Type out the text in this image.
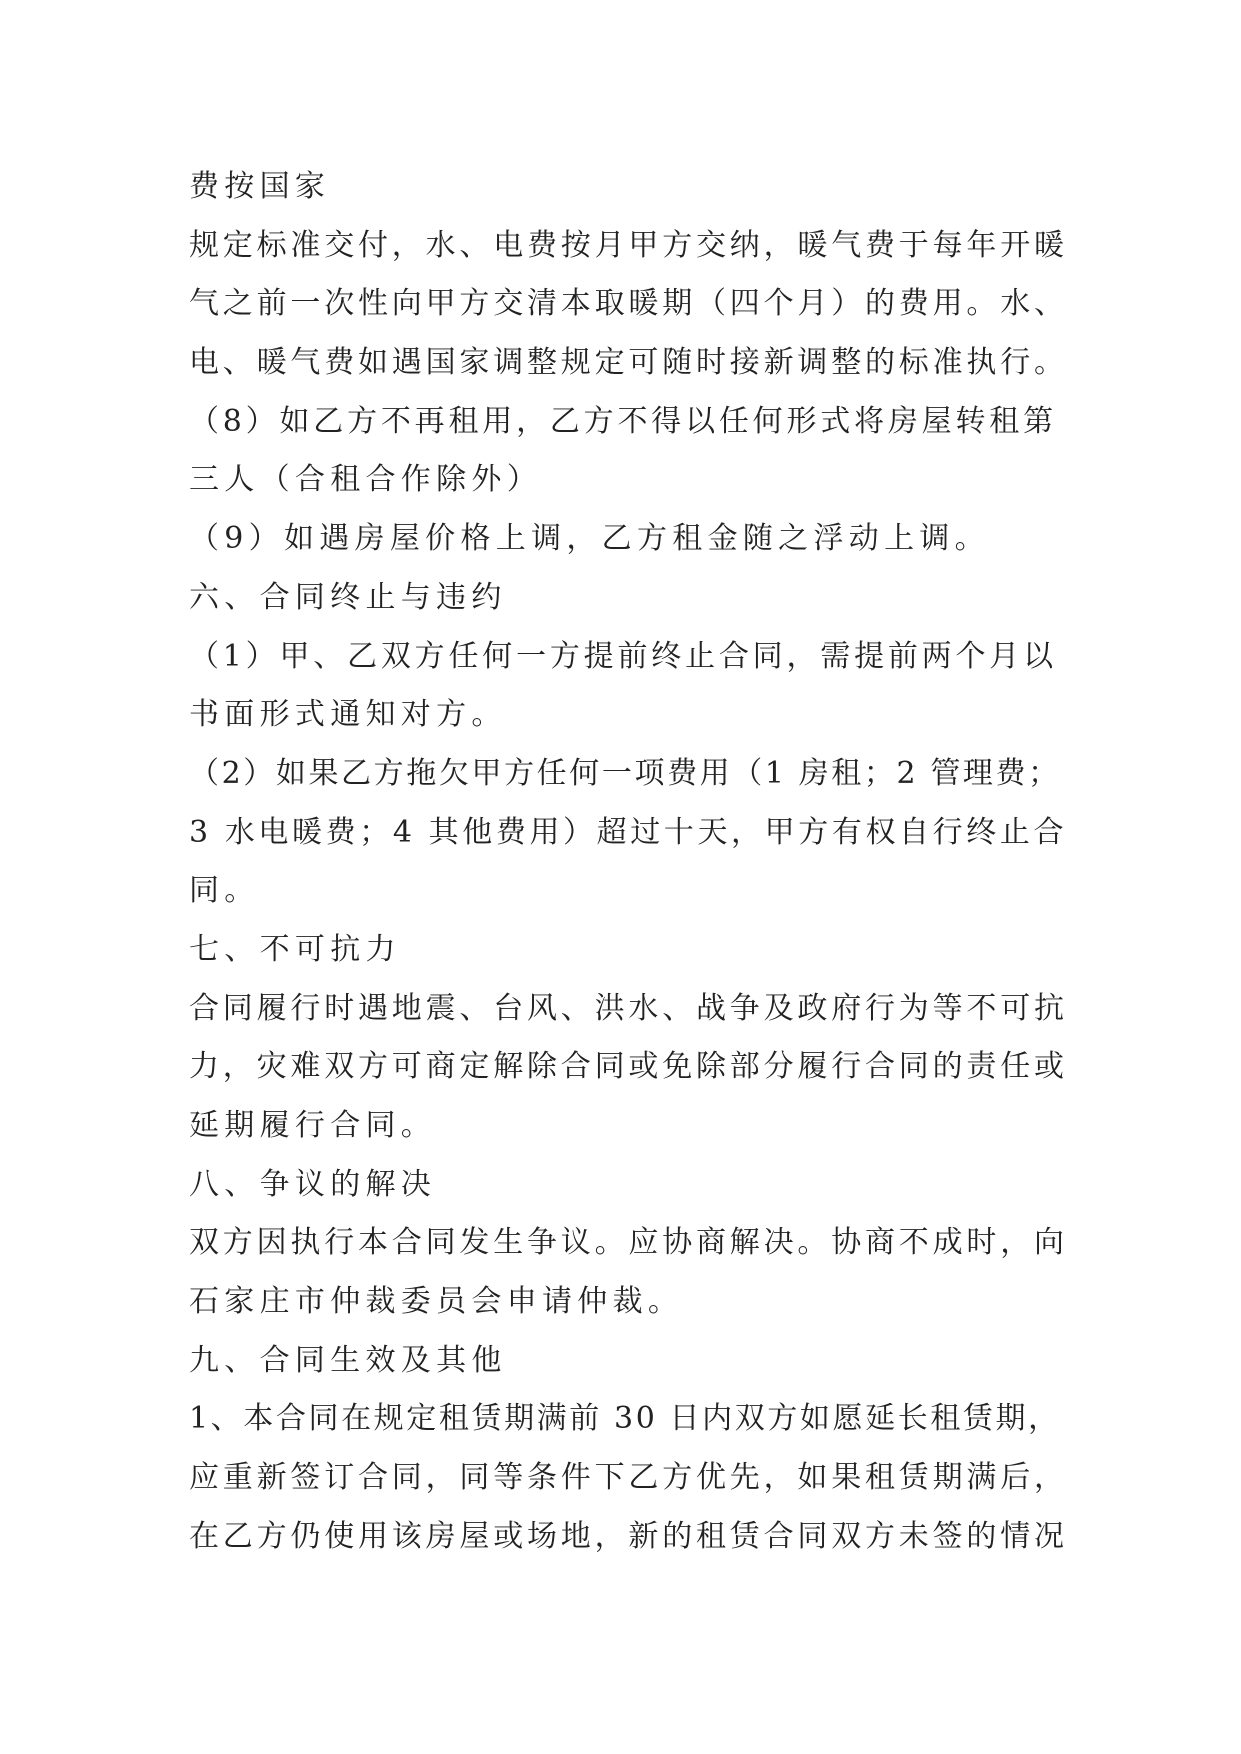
费按国家
规定标准交付，水、电费按月甲方交纳，暖气费于每年开暖
气之前一次性向甲方交清本取暖期（四个月）的费用。水、
电、暖气费如遇国家调整规定可随时接新调整的标准执行。
（8）如乙方不再租用，乙方不得以任何形式将房屋转租第
三人（合租合作除外）
（9）如遇房屋价格上调，乙方租金随之浮动上调。
六、合同终止与违约
（1）甲、乙双方任何一方提前终止合同，需提前两个月以
书面形式通知对方。
（2）如果乙方拖欠甲方任何一项费用（1 房租；2 管理费；
3 水电暖费；4 其他费用）超过十天，甲方有权自行终止合
同。
七、不可抗力
合同履行时遇地震、台风、洪水、战争及政府行为等不可抗
力，灾难双方可商定解除合同或免除部分履行合同的责任或
延期履行合同。
八、争议的解决
双方因执行本合同发生争议。应协商解决。协商不成时，向
石家庄市仲裁委员会申请仲裁。
九、合同生效及其他
1、本合同在规定租赁期满前 30 日内双方如愿延长租赁期，
应重新签订合同，同等条件下乙方优先，如果租赁期满后，
在乙方仍使用该房屋或场地，新的租赁合同双方未签的情况
